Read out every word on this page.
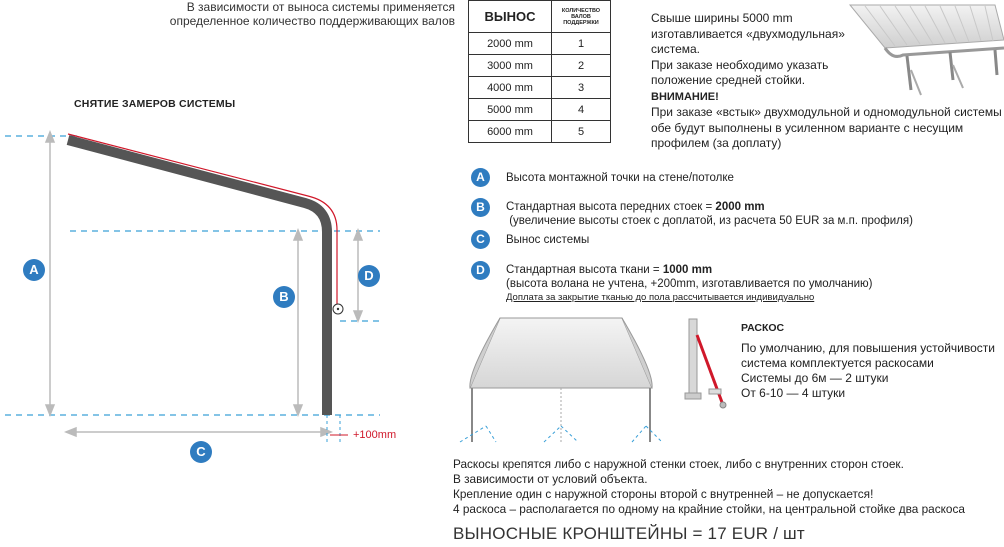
В зависимости от выноса системы применяется
определенное количество поддерживающих валов
СНЯТИЕ ЗАМЕРОВ СИСТЕМЫ
ВЫНОС	КОЛИЧЕСТВО
ВАЛОВ
ПОДДЕРЖКИ

2000 mm	1
3000 mm	2
4000 mm	3
5000 mm	4
6000 mm	5
Свыше ширины 5000 mm
изготавливается «двухмодульная»
система.
При заказе необходимо указать
положение средней стойки.
ВНИМАНИЕ!
При заказе «встык» двухмодульной и одномодульной системы
обе будут выполнены в усиленном варианте с несущим
профилем (за доплату)
A	Высота монтажной точки на стене/потолке
B	Стандартная высота передних стоек = 2000 mm
(увеличение высоты стоек с доплатой, из расчета 50 EUR за м.п. профиля)
C	Вынос системы
D	Стандартная высота ткани = 1000 mm
(высота волана не учтена, +200mm, изготавливается по умолчанию)
Доплата за закрытие тканью до пола рассчитывается индивидуально
A
B
C
D
+100mm
РАСКОС
По умолчанию, для повышения устойчивости
система комплектуется раскосами
Системы до 6м — 2 штуки
От 6-10 — 4 штуки
Раскосы крепятся либо с наружной стенки стоек, либо с внутренних сторон стоек.
В зависимости от условий объекта.
Крепление один с наружной стороны второй с внутренней – не допускается!
4 раскоса – располагается по одному на крайние стойки, на центральной стойке два раскоса
ВЫНОСНЫЕ КРОНШТЕЙНЫ = 17 EUR / шт
